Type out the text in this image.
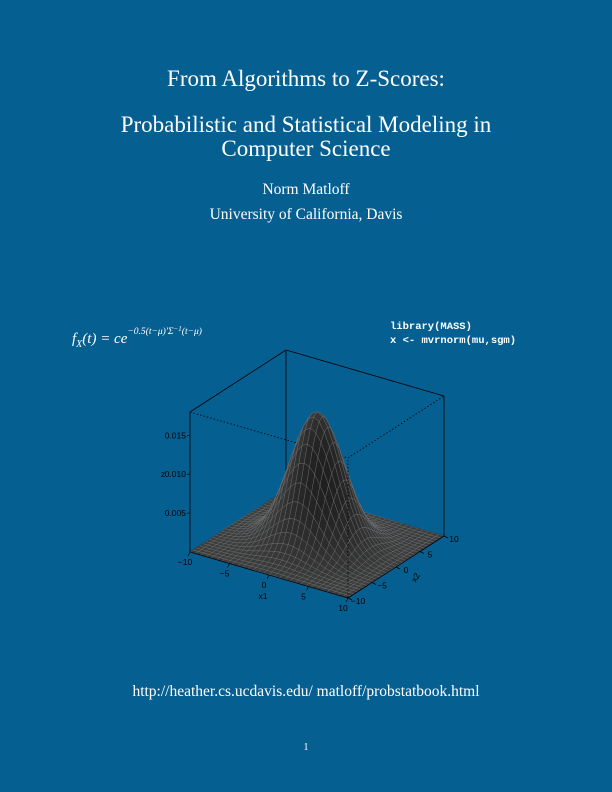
From Algorithms to Z-Scores:
Probabilistic and Statistical Modeling in
Computer Science
Norm Matloff
University of California, Davis
$f_X(t) = ce^{-0.5(t-\mu)'\Sigma^{-1}(t-\mu)}$	library(MASS)
x <- mvrnorm(mu,sgm)
−10
−5
0
5
10
x1	−10
−5
0
5
10
x2
0.005
0.010
0.015
z
http://heather.cs.ucdavis.edu/ matloff/probstatbook.html
1
